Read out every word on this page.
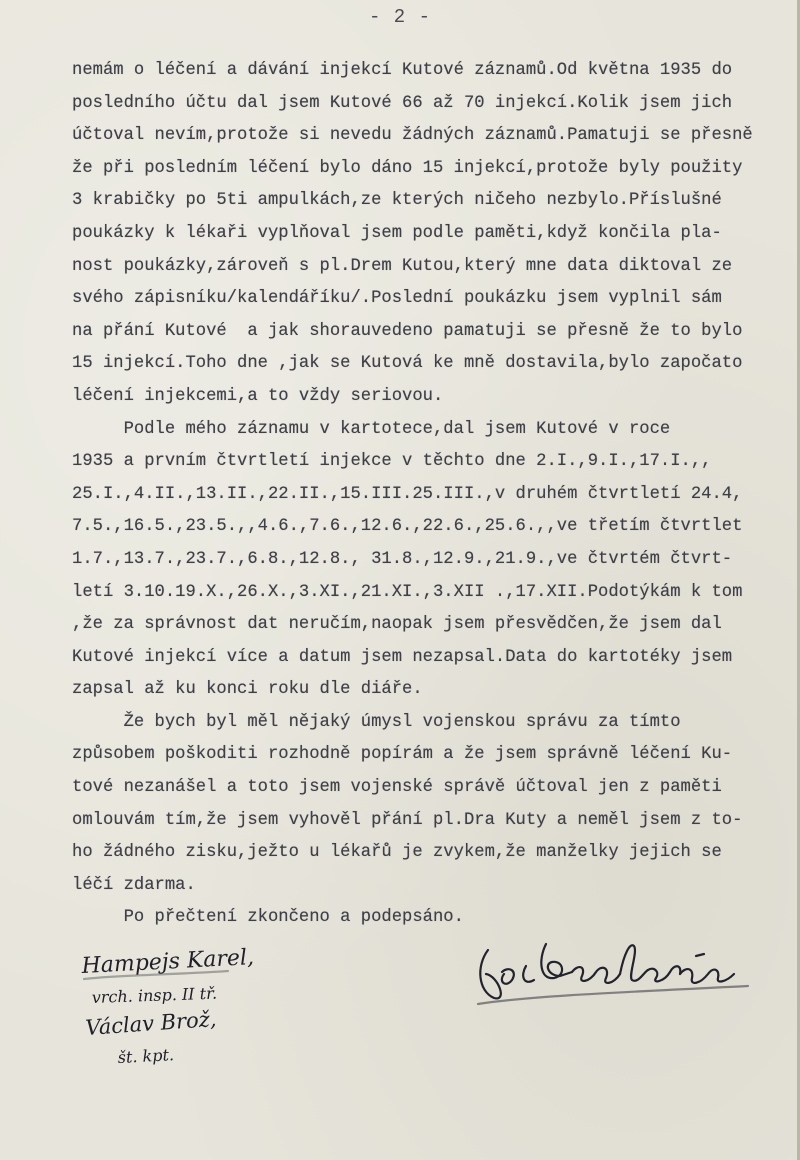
- 2 -
nemám o léčení a dávání injekcí Kutové záznamů.Od května 1935 do
posledního účtu dal jsem Kutové 66 až 70 injekcí.Kolik jsem jich
účtoval nevím,protože si nevedu žádných záznamů.Pamatuji se přesně
že při posledním léčení bylo dáno 15 injekcí,protože byly použity
3 krabičky po 5ti ampulkách,ze kterých ničeho nezbylo.Příslušné
poukázky k lékaři vyplňoval jsem podle paměti,když končila pla-
nost poukázky,zároveň s pl.Drem Kutou,který mne data diktoval ze
svého zápisníku/kalendáříku/.Poslední poukázku jsem vyplnil sám
na přání Kutové  a jak shorauvedeno pamatuji se přesně že to bylo
15 injekcí.Toho dne ,jak se Kutová ke mně dostavila,bylo započato
léčení injekcemi,a to vždy seriovou.
Podle mého záznamu v kartotece,dal jsem Kutové v roce
1935 a prvním čtvrtletí injekce v těchto dne 2.I.,9.I.,17.I.,,
25.I.,4.II.,13.II.,22.II.,15.III.25.III.,v druhém čtvrtletí 24.4,
7.5.,16.5.,23.5.,,4.6.,7.6.,12.6.,22.6.,25.6.,,ve třetím čtvrtlet
1.7.,13.7.,23.7.,6.8.,12.8., 31.8.,12.9.,21.9.,ve čtvrtém čtvrt-
letí 3.10.19.X.,26.X.,3.XI.,21.XI.,3.XII .,17.XII.Podotýkám k tom
,že za správnost dat neručím,naopak jsem přesvědčen,že jsem dal
Kutové injekcí více a datum jsem nezapsal.Data do kartotéky jsem
zapsal až ku konci roku dle diáře.
Že bych byl měl nějaký úmysl vojenskou správu za tímto
způsobem poškoditi rozhodně popírám a že jsem správně léčení Ku-
tové nezanášel a toto jsem vojenské správě účtoval jen z paměti
omlouvám tím,že jsem vyhověl přání pl.Dra Kuty a neměl jsem z to-
ho žádného zisku,ježto u lékařů je zvykem,že manželky jejich se
léčí zdarma.
Po přečtení zkončeno a podepsáno.
Hampejs Karel,
vrch. insp. II tř.
Václav Brož,
št. kpt.
